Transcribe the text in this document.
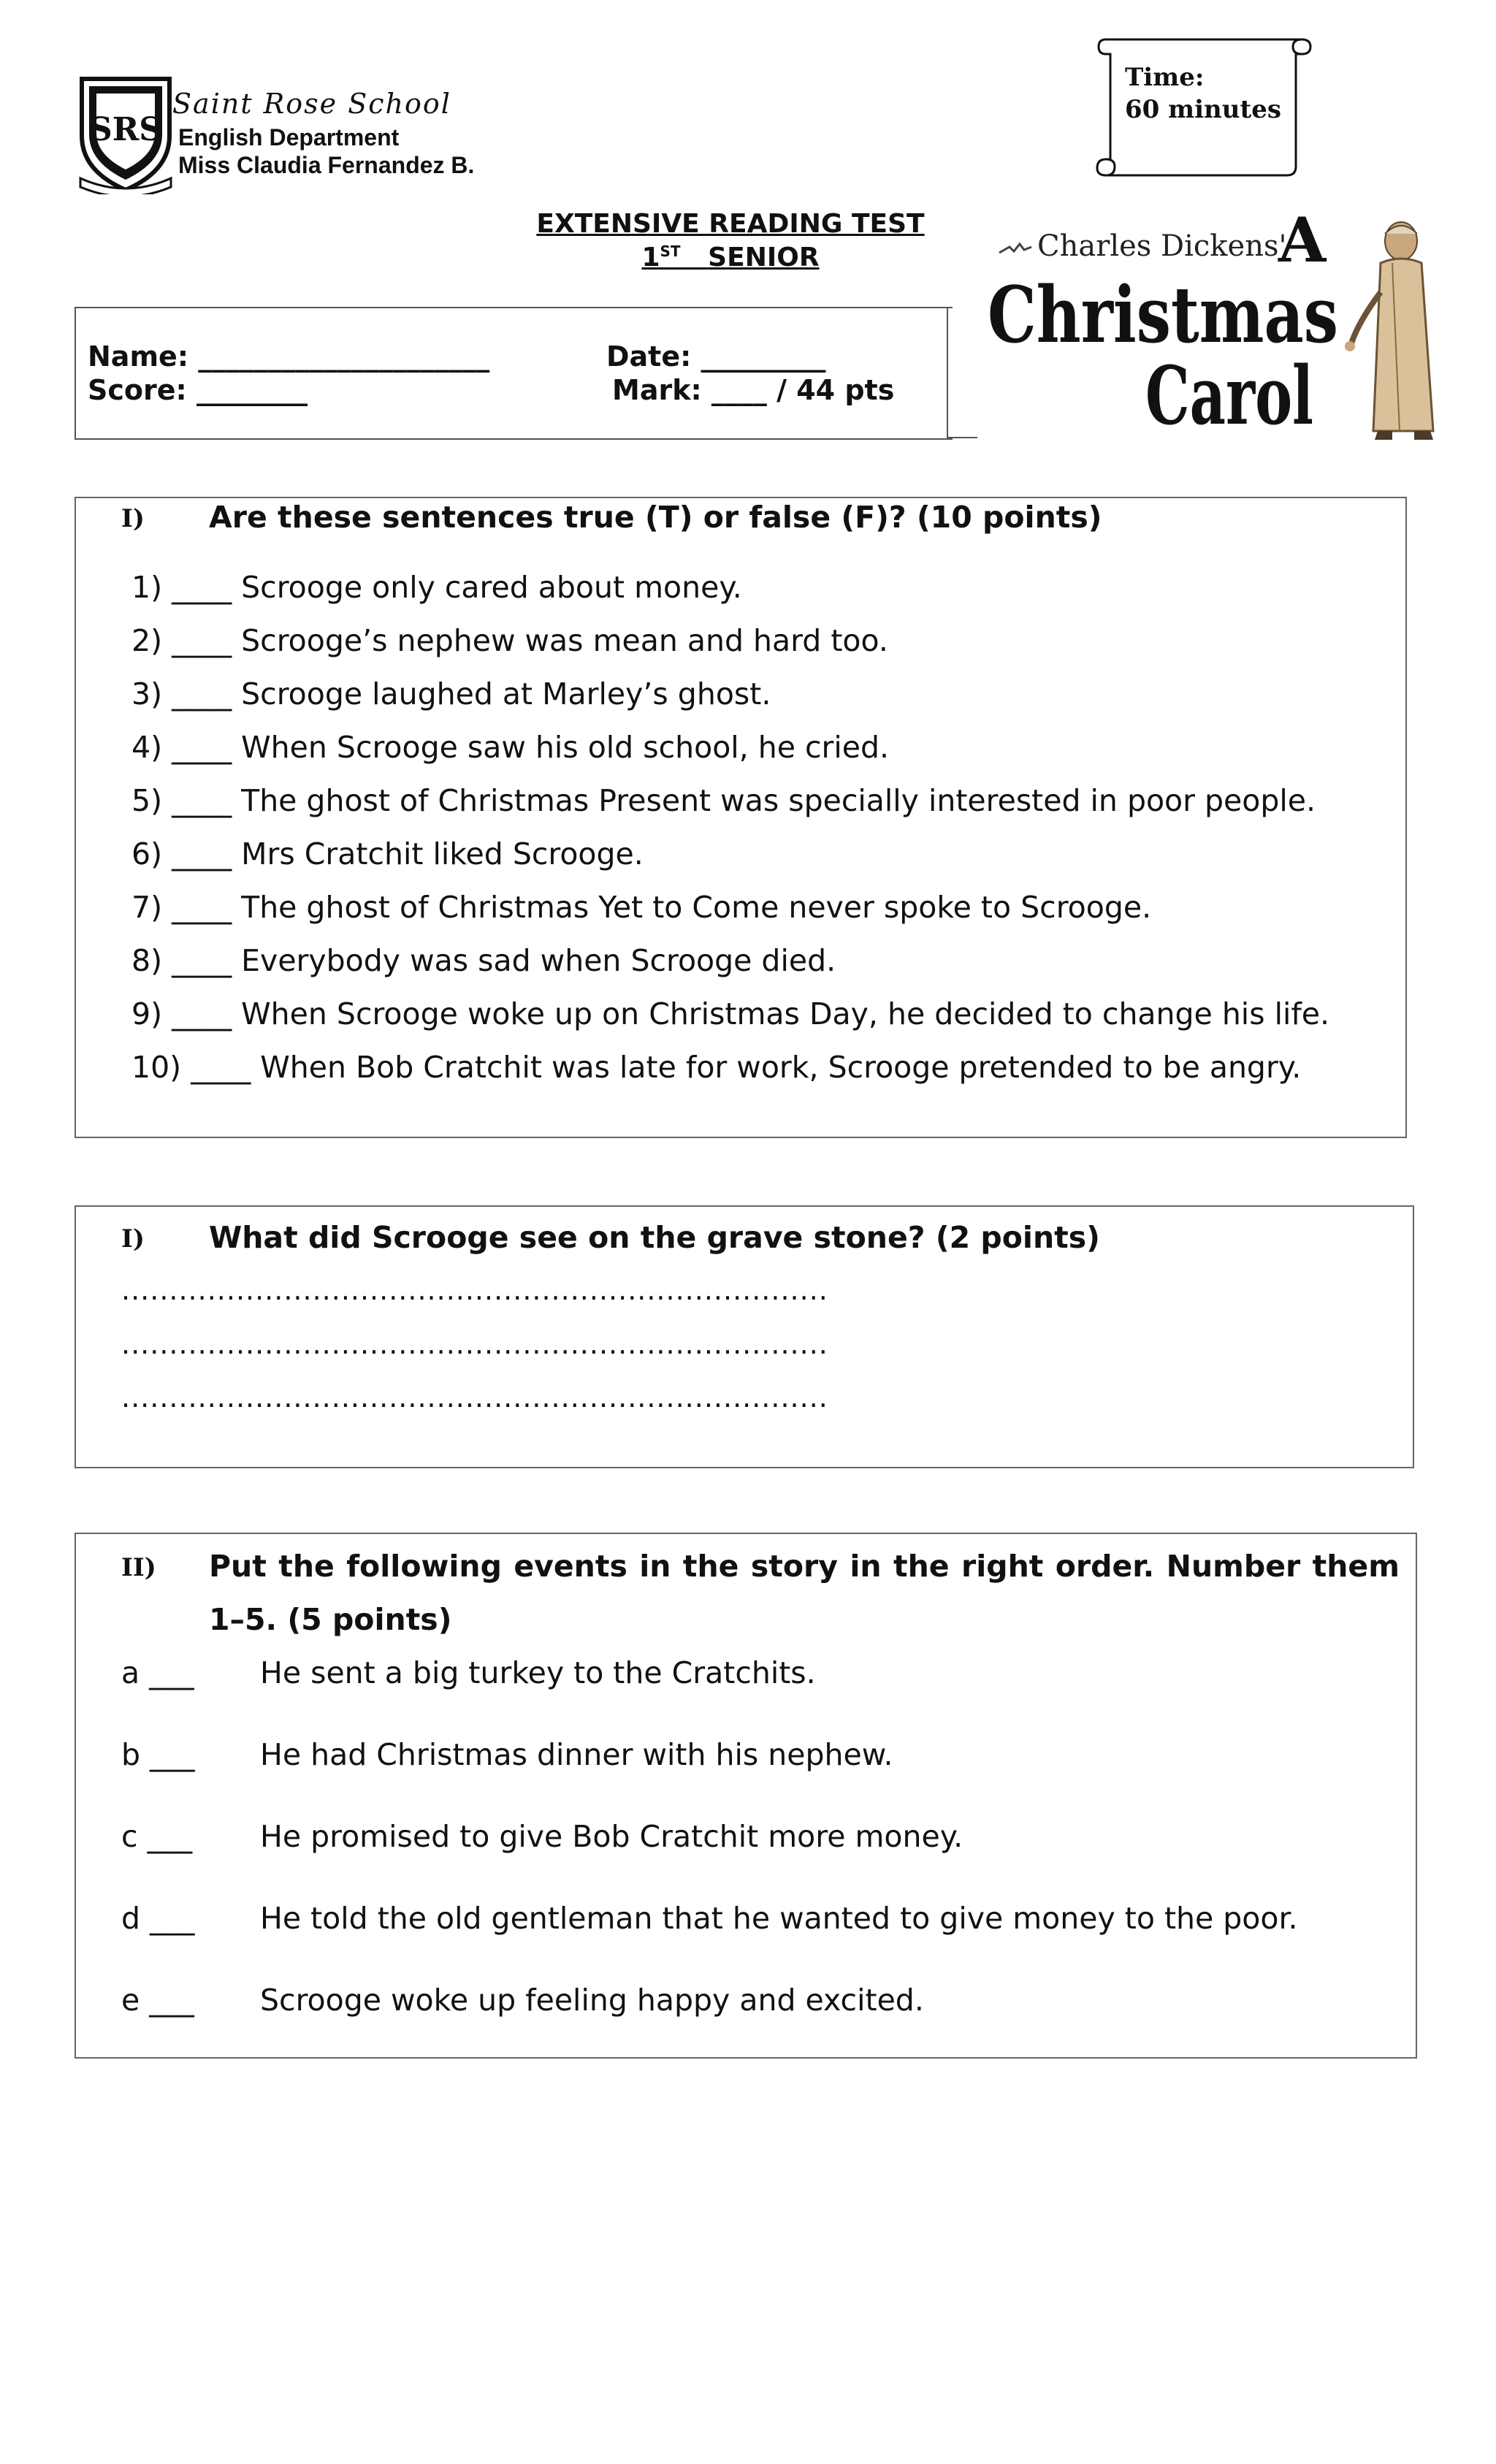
SRS
Saint Rose School
English Department
Miss Claudia Fernandez B.
Time:
60 minutes
EXTENSIVE READING TEST
1ST SENIOR	Charles Dickens'
A
Christmas
Carol
Name: _____________________	Date: _________
Score: ________	Mark: ____ / 44 pts
I) Are these sentences true (T) or false (F)? (10 points)
1) ____ Scrooge only cared about money.
2) ____ Scrooge’s nephew was mean and hard too.
3) ____ Scrooge laughed at Marley’s ghost.
4) ____ When Scrooge saw his old school, he cried.
5) ____ The ghost of Christmas Present was specially interested in poor people.
6) ____ Mrs Cratchit liked Scrooge.
7) ____ The ghost of Christmas Yet to Come never spoke to Scrooge.
8) ____ Everybody was sad when Scrooge died.
9) ____ When Scrooge woke up on Christmas Day, he decided to change his life.
10) ____ When Bob Cratchit was late for work, Scrooge pretended to be angry.
I) What did Scrooge see on the grave stone? (2 points)
..........................................................................
..........................................................................
..........................................................................
II) Put the following events in the story in the right order. Number them
1–5. (5 points)
a ___ He sent a big turkey to the Cratchits.
b ___ He had Christmas dinner with his nephew.
c ___ He promised to give Bob Cratchit more money.
d ___ He told the old gentleman that he wanted to give money to the poor.
e ___ Scrooge woke up feeling happy and excited.
